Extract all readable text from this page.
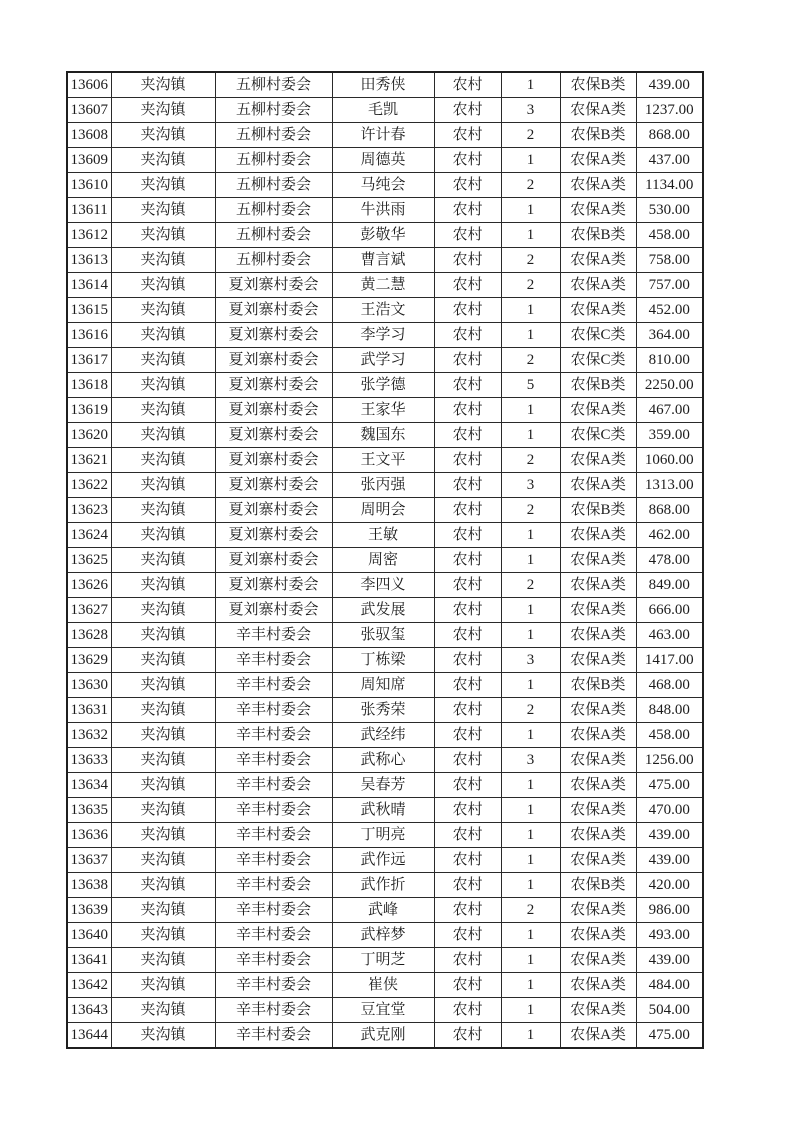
13606	夹沟镇	五柳村委会	田秀侠	农村	1	农保B类	439.00
13607	夹沟镇	五柳村委会	毛凯	农村	3	农保A类	1237.00
13608	夹沟镇	五柳村委会	许计春	农村	2	农保B类	868.00
13609	夹沟镇	五柳村委会	周德英	农村	1	农保A类	437.00
13610	夹沟镇	五柳村委会	马纯会	农村	2	农保A类	1134.00
13611	夹沟镇	五柳村委会	牛洪雨	农村	1	农保A类	530.00
13612	夹沟镇	五柳村委会	彭敬华	农村	1	农保B类	458.00
13613	夹沟镇	五柳村委会	曹言斌	农村	2	农保A类	758.00
13614	夹沟镇	夏刘寨村委会	黄二慧	农村	2	农保A类	757.00
13615	夹沟镇	夏刘寨村委会	王浩文	农村	1	农保A类	452.00
13616	夹沟镇	夏刘寨村委会	李学习	农村	1	农保C类	364.00
13617	夹沟镇	夏刘寨村委会	武学习	农村	2	农保C类	810.00
13618	夹沟镇	夏刘寨村委会	张学德	农村	5	农保B类	2250.00
13619	夹沟镇	夏刘寨村委会	王家华	农村	1	农保A类	467.00
13620	夹沟镇	夏刘寨村委会	魏国东	农村	1	农保C类	359.00
13621	夹沟镇	夏刘寨村委会	王文平	农村	2	农保A类	1060.00
13622	夹沟镇	夏刘寨村委会	张丙强	农村	3	农保A类	1313.00
13623	夹沟镇	夏刘寨村委会	周明会	农村	2	农保B类	868.00
13624	夹沟镇	夏刘寨村委会	王敏	农村	1	农保A类	462.00
13625	夹沟镇	夏刘寨村委会	周密	农村	1	农保A类	478.00
13626	夹沟镇	夏刘寨村委会	李四义	农村	2	农保A类	849.00
13627	夹沟镇	夏刘寨村委会	武发展	农村	1	农保A类	666.00
13628	夹沟镇	辛丰村委会	张驭玺	农村	1	农保A类	463.00
13629	夹沟镇	辛丰村委会	丁栋梁	农村	3	农保A类	1417.00
13630	夹沟镇	辛丰村委会	周知席	农村	1	农保B类	468.00
13631	夹沟镇	辛丰村委会	张秀荣	农村	2	农保A类	848.00
13632	夹沟镇	辛丰村委会	武经纬	农村	1	农保A类	458.00
13633	夹沟镇	辛丰村委会	武称心	农村	3	农保A类	1256.00
13634	夹沟镇	辛丰村委会	吴春芳	农村	1	农保A类	475.00
13635	夹沟镇	辛丰村委会	武秋晴	农村	1	农保A类	470.00
13636	夹沟镇	辛丰村委会	丁明亮	农村	1	农保A类	439.00
13637	夹沟镇	辛丰村委会	武作远	农村	1	农保A类	439.00
13638	夹沟镇	辛丰村委会	武作折	农村	1	农保B类	420.00
13639	夹沟镇	辛丰村委会	武峰	农村	2	农保A类	986.00
13640	夹沟镇	辛丰村委会	武梓梦	农村	1	农保A类	493.00
13641	夹沟镇	辛丰村委会	丁明芝	农村	1	农保A类	439.00
13642	夹沟镇	辛丰村委会	崔侠	农村	1	农保A类	484.00
13643	夹沟镇	辛丰村委会	豆宜堂	农村	1	农保A类	504.00
13644	夹沟镇	辛丰村委会	武克刚	农村	1	农保A类	475.00
